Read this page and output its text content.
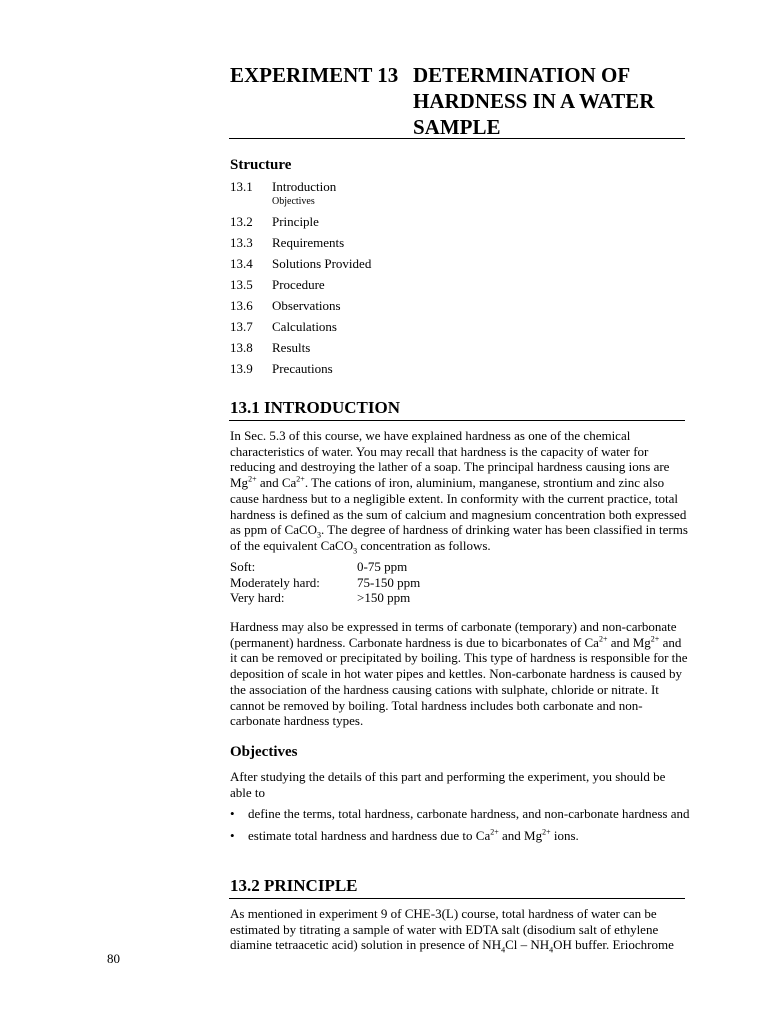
EXPERIMENT 13 DETERMINATION OF
HARDNESS IN A WATER
SAMPLE
Structure
13.1 Introduction
Objectives
13.2 Principle
13.3 Requirements
13.4 Solutions Provided
13.5 Procedure
13.6 Observations
13.7 Calculations
13.8 Results
13.9 Precautions
13.1 INTRODUCTION
In Sec. 5.3 of this course, we have explained hardness as one of the chemical characteristics of water. You may recall that hardness is the capacity of water for reducing and destroying the lather of a soap. The principal hardness causing ions are $Mg^{2+}$ and $Ca^{2+}$. The cations of iron, aluminium, manganese, strontium and zinc also cause hardness but to a negligible extent. In conformity with the current practice, total hardness is defined as the sum of calcium and magnesium concentration both expressed as ppm of CaCO$_3$. The degree of hardness of drinking water has been classified in terms of the equivalent CaCO$_3$ concentration as follows.
Soft:	0-75 ppm
Moderately hard:	75-150 ppm
Very hard:	>150 ppm
Hardness may also be expressed in terms of carbonate (temporary) and non-carbonate (permanent) hardness. Carbonate hardness is due to bicarbonates of $Ca^{2+}$ and $Mg^{2+}$ and it can be removed or precipitated by boiling. This type of hardness is responsible for the deposition of scale in hot water pipes and kettles. Non-carbonate hardness is caused by the association of the hardness causing cations with sulphate, chloride or nitrate. It cannot be removed by boiling. Total hardness includes both carbonate and non-carbonate hardness types.
Objectives
After studying the details of this part and performing the experiment, you should be able to
• define the terms, total hardness, carbonate hardness, and non-carbonate hardness and
• estimate total hardness and hardness due to $Ca^{2+}$ and $Mg^{2+}$ ions.
13.2 PRINCIPLE
As mentioned in experiment 9 of CHE-3(L) course, total hardness of water can be estimated by titrating a sample of water with EDTA salt (disodium salt of ethylene diamine tetraacetic acid) solution in presence of $NH_4Cl - NH_4OH$ buffer. Eriochrome
80
